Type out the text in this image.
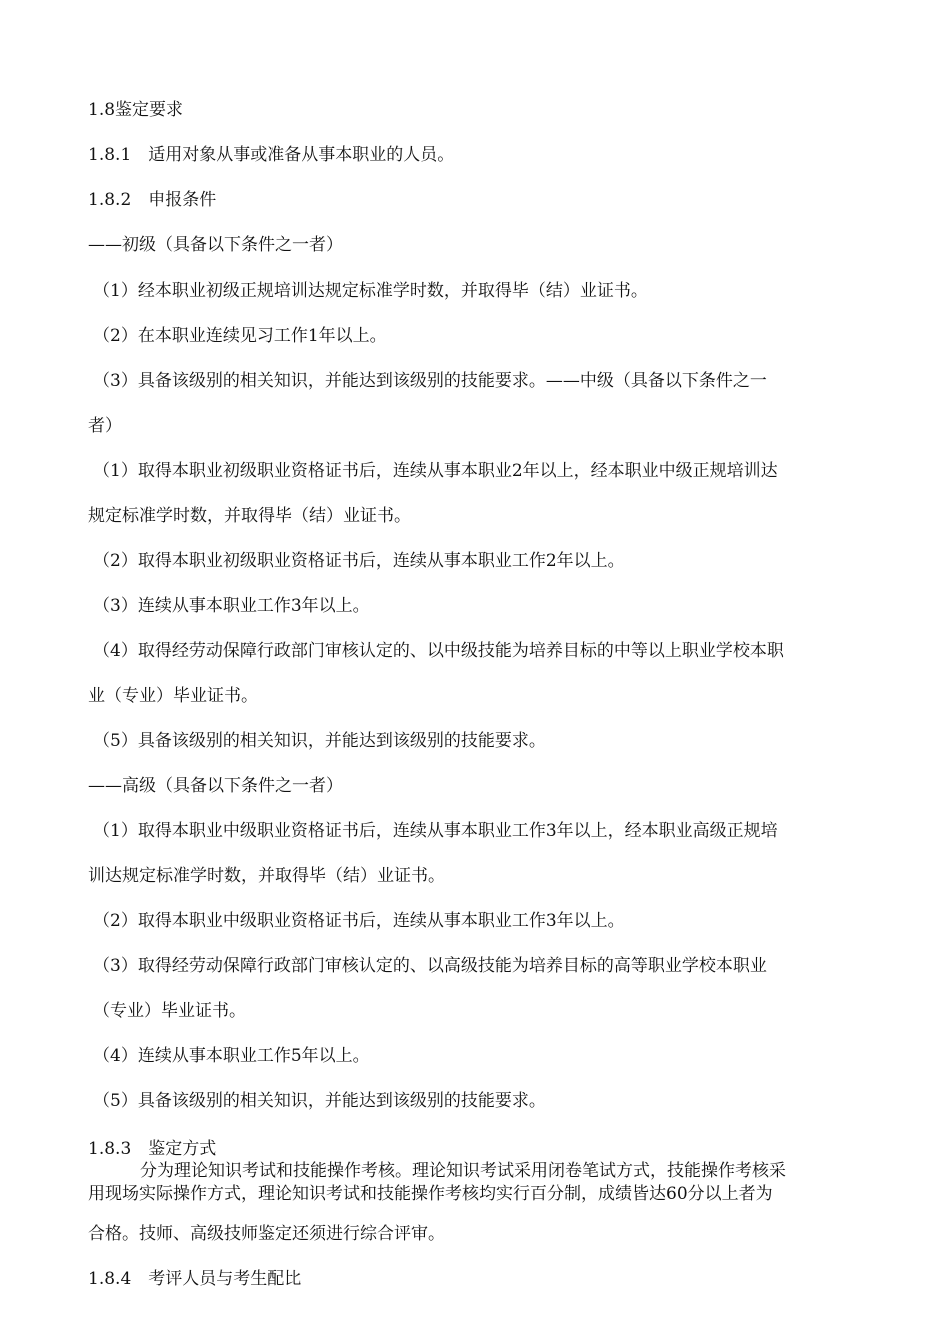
1.8鉴定要求
1.8.1　适用对象从事或准备从事本职业的人员。
1.8.2　申报条件
——初级（具备以下条件之一者）
（1）经本职业初级正规培训达规定标准学时数，并取得毕（结）业证书。
（2）在本职业连续见习工作1年以上。
（3）具备该级别的相关知识，并能达到该级别的技能要求。——中级（具备以下条件之一
者）
（1）取得本职业初级职业资格证书后，连续从事本职业2年以上，经本职业中级正规培训达
规定标准学时数，并取得毕（结）业证书。
（2）取得本职业初级职业资格证书后，连续从事本职业工作2年以上。
（3）连续从事本职业工作3年以上。
（4）取得经劳动保障行政部门审核认定的、以中级技能为培养目标的中等以上职业学校本职
业（专业）毕业证书。
（5）具备该级别的相关知识，并能达到该级别的技能要求。
——高级（具备以下条件之一者）
（1）取得本职业中级职业资格证书后，连续从事本职业工作3年以上，经本职业高级正规培
训达规定标准学时数，并取得毕（结）业证书。
（2）取得本职业中级职业资格证书后，连续从事本职业工作3年以上。
（3）取得经劳动保障行政部门审核认定的、以高级技能为培养目标的高等职业学校本职业
（专业）毕业证书。
（4）连续从事本职业工作5年以上。
（5）具备该级别的相关知识，并能达到该级别的技能要求。
1.8.3　鉴定方式
分为理论知识考试和技能操作考核。理论知识考试采用闭卷笔试方式，技能操作考核采
用现场实际操作方式，理论知识考试和技能操作考核均实行百分制，成绩皆达60分以上者为
合格。技师、高级技师鉴定还须进行综合评审。
1.8.4　考评人员与考生配比
